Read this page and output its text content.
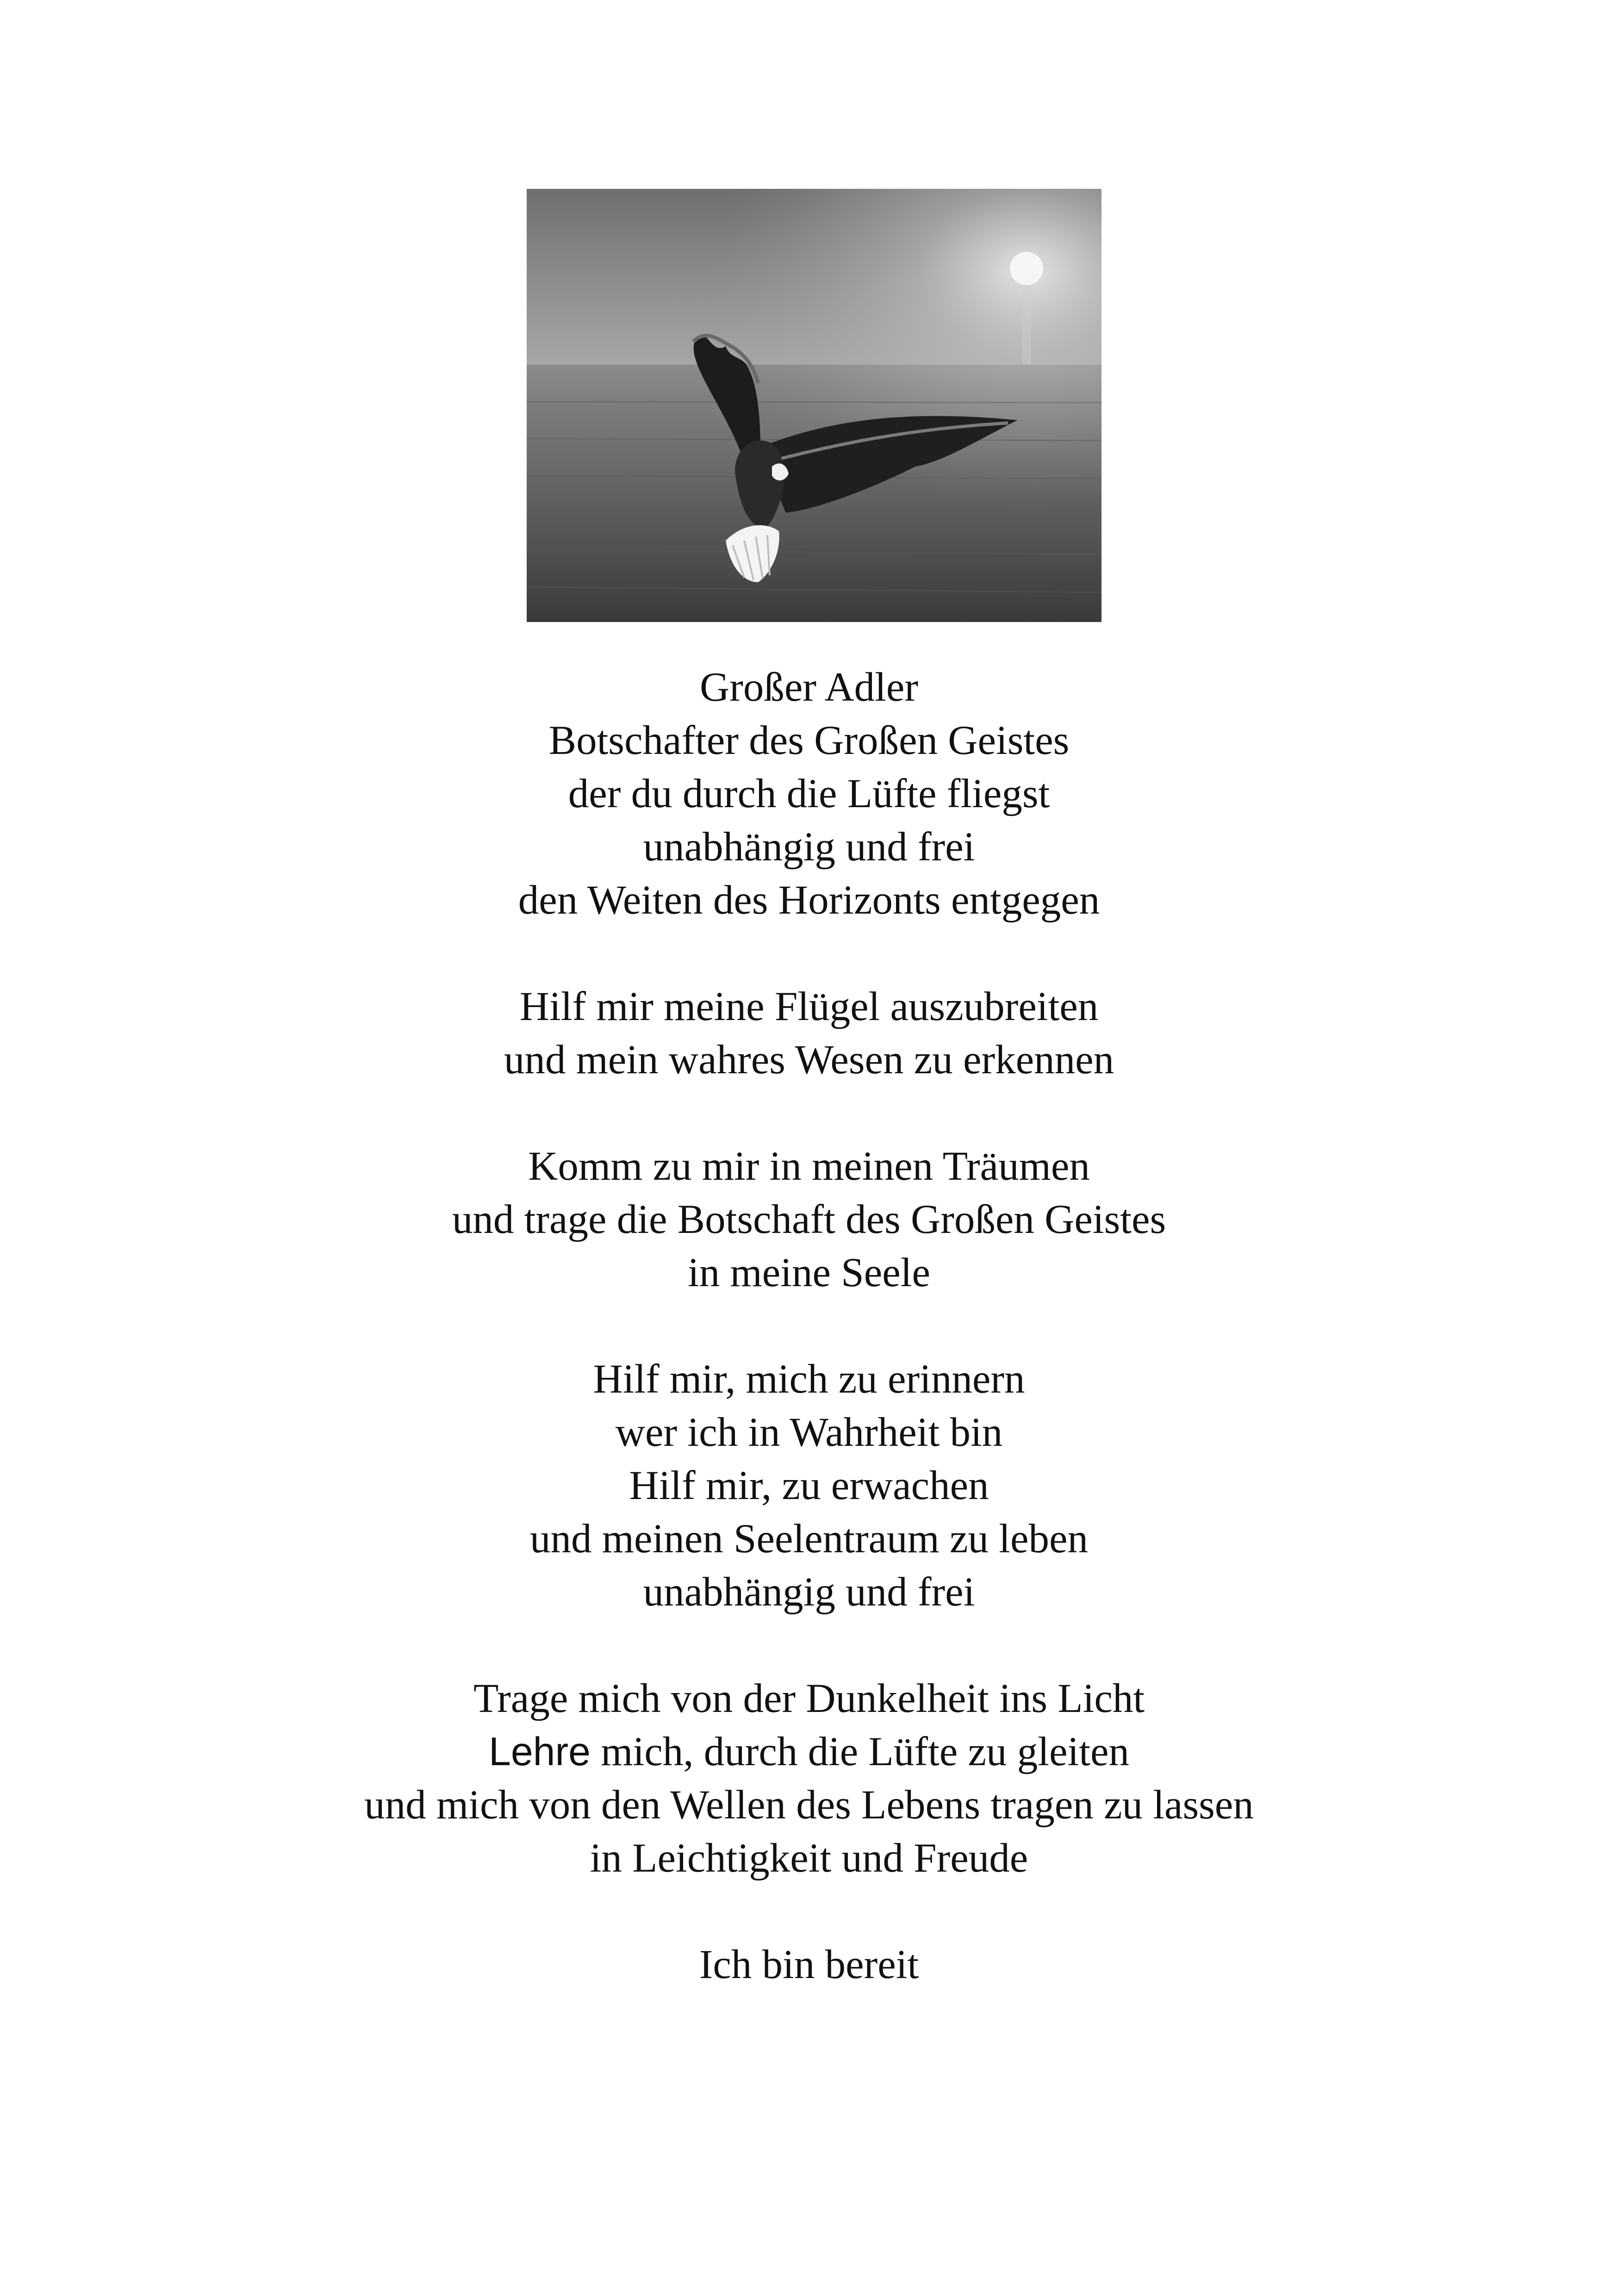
Großer Adler
Botschafter des Großen Geistes
der du durch die Lüfte fliegst
unabhängig und frei
den Weiten des Horizonts entgegen
Hilf mir meine Flügel auszubreiten
und mein wahres Wesen zu erkennen
Komm zu mir in meinen Träumen
und trage die Botschaft des Großen Geistes
in meine Seele
Hilf mir, mich zu erinnern
wer ich in Wahrheit bin
Hilf mir, zu erwachen
und meinen Seelentraum zu leben
unabhängig und frei
Trage mich von der Dunkelheit ins Licht
Lehre mich, durch die Lüfte zu gleiten
und mich von den Wellen des Lebens tragen zu lassen
in Leichtigkeit und Freude
Ich bin bereit
